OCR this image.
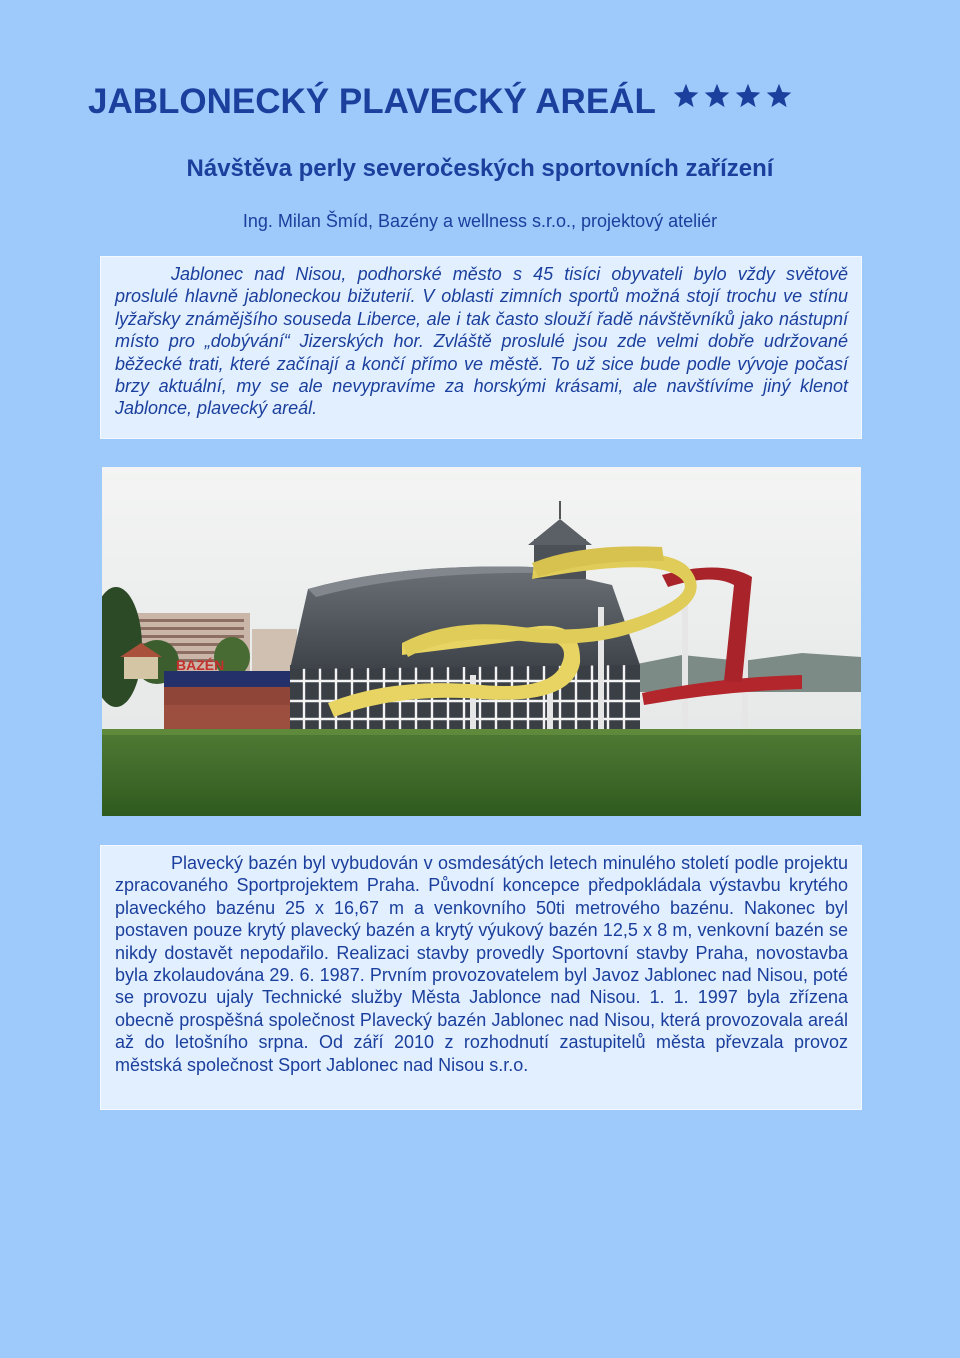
JABLONECKÝ PLAVECKÝ AREÁL
Návštěva perly severočeských sportovních zařízení
Ing. Milan Šmíd, Bazény a wellness s.r.o., projektový ateliér

Jablonec nad Nisou, podhorské město s 45 tisíci obyvateli bylo vždy světově proslulé hlavně jabloneckou bižuterií. V oblasti zimních sportů možná stojí trochu ve stínu lyžařsky známějšího souseda Liberce, ale i tak často slouží řadě návštěvníků jako nástupní místo pro „dobývání“ Jizerských hor. Zvláště proslulé jsou zde velmi dobře udržované běžecké trati, které začínají a končí přímo ve městě. To už sice bude podle vývoje počasí brzy aktuální, my se ale nevypravíme za horskými krásami, ale navštívíme jiný klenot Jablonce, plavecký areál.

BAZÉN

Plavecký bazén byl vybudován v osmdesátých letech minulého století podle projektu zpracovaného Sportprojektem Praha. Původní koncepce předpokládala výstavbu krytého plaveckého bazénu 25 x 16,67 m a venkovního 50ti metrového bazénu. Nakonec byl postaven pouze krytý plavecký bazén a krytý výukový bazén 12,5 x 8 m, venkovní bazén se nikdy dostavět nepodařilo. Realizaci stavby provedly Sportovní stavby Praha, novostavba byla zkolaudována 29. 6. 1987. Prvním provozovatelem byl Javoz Jablonec nad Nisou, poté se provozu ujaly Technické služby Města Jablonce nad Nisou. 1. 1. 1997 byla zřízena obecně prospěšná společnost Plavecký bazén Jablonec nad Nisou, která provozovala areál až do letošního srpna. Od září 2010 z rozhodnutí zastupitelů města převzala provoz městská společnost Sport Jablonec nad Nisou s.r.o.
